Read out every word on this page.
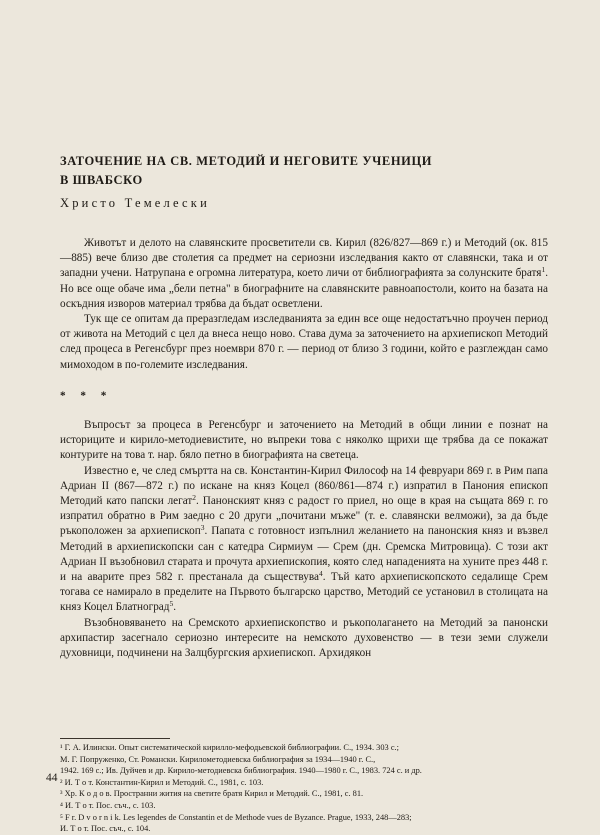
ЗАТОЧЕНИЕ НА СВ. МЕТОДИЙ И НЕГОВИТЕ УЧЕНИЦИ
В ШВАБСКО
Христо Темелески

Животът и делото на славянските просветители св. Кирил (826/827—869 г.) и Методий (ок. 815—885) вече близо две столетия са предмет на сериозни изследвания както от славянски, така и от западни учени. Натрупана е огромна литература, което личи от библиографията за солунските братя$^1$. Но все още обаче има „бели петна" в биографните на славянските равноапостоли, които на базата на оскъдния изворов материал трябва да бъдат осветлени.

Тук ще се опитам да преразгледам изследванията за един все още недостатъчно проучен период от живота на Методий с цел да внеса нещо ново. Става дума за заточението на архиепископ Методий след процеса в Регенсбург през ноември 870 г. — период от близо 3 години, който е разглеждан само мимоходом в по-големите изследвания.

* * *

Въпросът за процеса в Регенсбург и заточението на Методий в общи линии е познат на историците и кирило-методиевистите, но въпреки това с няколко щрихи ще трябва да се покажат контурите на това т. нар. бяло петно в биографията на светеца.

Известно е, че след смъртта на св. Константин-Кирил Философ на 14 февруари 869 г. в Рим папа Адриан II (867—872 г.) по искане на княз Коцел (860/861—874 г.) изпратил в Панония епископ Методий като папски легат$^2$. Панонският княз с радост го приел, но още в края на същата 869 г. го изпратил обратно в Рим заедно с 20 други „почитани мъже" (т. е. славянски велможи), за да бъде ръкоположен за архиепископ$^3$. Папата с готовност изпълнил желанието на панонския княз и възвел Методий в архиепископски сан с катедра Сирмиум — Срем (дн. Сремска Митровица). С този акт Адриан II възобновил старата и прочута архиепископия, която след нападенията на хуните през 448 г. и на аварите през 582 г. престанала да съществува$^4$. Тъй като архиепископското седалище Срем тогава се намирало в пределите на Първото българско царство, Методий се установил в столицата на княз Коцел Блатноград$^5$.

Възобновяването на Сремското архиепископство и ръкополагането на Методий за панонски архипастир засегнало сериозно интересите на немското духовенство — в тези земи служели духовници, подчинени на Залцбургския архиепископ. Архидякон

¹ Г. А. Илински. Опыт систематической кирилло-мефодьевской библиографии. С., 1934. 303 с.;
М. Г. Попруженко, Ст. Романски. Кирилометодиевска библиография за 1934—1940 г. С.,
1942. 169 с.; Ив. Дуйчев и др. Кирило-методиевска библиография. 1940—1980 г. С., 1983. 724 с. и др.
² И. Т о т. Константин-Кирил и Методий. С., 1981, с. 103.
³ Хр. К о д о в. Пространни жития на светите братя Кирил и Методий. С., 1981, с. 81.
⁴ И. Т о т. Пос. съч., с. 103.
⁵ F r. D v o r n i k. Les legendes de Constantin et de Methode vues de Byzance. Prague, 1933, 248—283;
И. Т о т. Пос. съч., с. 104.
44
